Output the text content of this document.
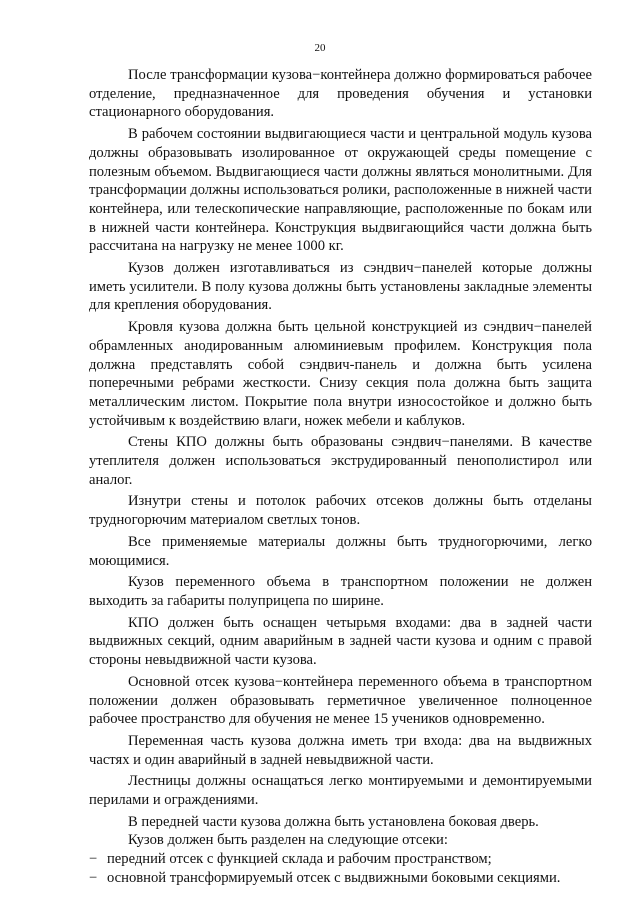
20

После трансформации кузова−контейнера должно формироваться рабочее отделение, предназначенное для проведения обучения и установки стационарного оборудования.

В рабочем состоянии выдвигающиеся части и центральной модуль кузова должны образовывать изолированное от окружающей среды помещение с полезным объемом. Выдвигающиеся части должны являться монолитными. Для трансформации должны использоваться ролики, расположенные в нижней части контейнера, или телескопические направляющие, расположенные по бокам или в нижней части контейнера. Конструкция выдвигающийся части должна быть рассчитана на нагрузку не менее 1000 кг.

Кузов должен изготавливаться из сэндвич−панелей которые должны иметь усилители. В полу кузова должны быть установлены закладные элементы для крепления оборудования.

Кровля кузова должна быть цельной конструкцией из сэндвич−панелей обрамленных анодированным алюминиевым профилем. Конструкция пола должна представлять собой сэндвич-панель и должна быть усилена поперечными ребрами жесткости. Снизу секция пола должна быть защита металлическим листом. Покрытие пола внутри износостойкое и должно быть устойчивым к воздействию влаги, ножек мебели и каблуков.

Стены КПО должны быть образованы сэндвич−панелями. В качестве утеплителя должен использоваться экструдированный пенополистирол или аналог.

Изнутри стены и потолок рабочих отсеков должны быть отделаны трудногорючим материалом светлых тонов.

Все применяемые материалы должны быть трудногорючими, легко моющимися.

Кузов переменного объема в транспортном положении не должен выходить за габариты полуприцепа по ширине.

КПО должен быть оснащен четырьмя входами: два в задней части выдвижных секций, одним аварийным в задней части кузова и одним с правой стороны невыдвижной части кузова.

Основной отсек кузова−контейнера переменного объема в транспортном положении должен образовывать герметичное увеличенное полноценное рабочее пространство для обучения не менее 15 учеников одновременно.

Переменная часть кузова должна иметь три входа: два на выдвижных частях и один аварийный в задней невыдвижной части.

Лестницы должны оснащаться легко монтируемыми и демонтируемыми перилами и ограждениями.

В передней части кузова должна быть установлена боковая дверь.

Кузов должен быть разделен на следующие отсеки:

− передний отсек с функцией склада и рабочим пространством;

− основной трансформируемый отсек с выдвижными боковыми секциями.
